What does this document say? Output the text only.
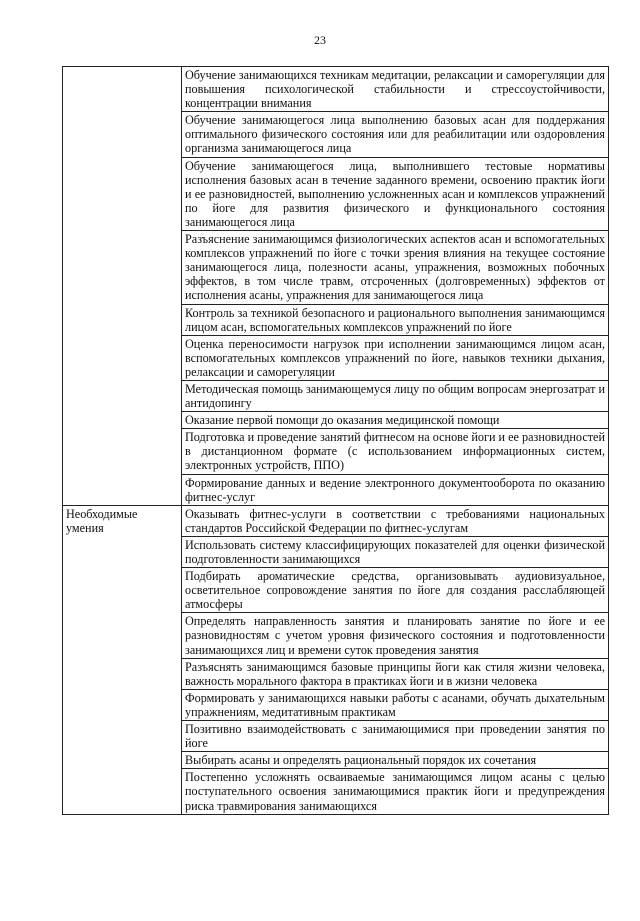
23
	Обучение занимающихся техникам медитации, релаксации и саморегуляции для повышения психологической стабильности и стрессоустойчивости, концентрации внимания
	Обучение занимающегося лица выполнению базовых асан для поддержания оптимального физического состояния или для реабилитации или оздоровления организма занимающегося лица
	Обучение занимающегося лица, выполнившего тестовые нормативы исполнения базовых асан в течение заданного времени, освоению практик йоги и ее разновидностей, выполнению усложненных асан и комплексов упражнений по йоге для развития физического и функционального состояния занимающегося лица
	Разъяснение занимающимся физиологических аспектов асан и вспомогательных комплексов упражнений по йоге с точки зрения влияния на текущее состояние занимающегося лица, полезности асаны, упражнения, возможных побочных эффектов, в том числе травм, отсроченных (долговременных) эффектов от исполнения асаны, упражнения для занимающегося лица
	Контроль за техникой безопасного и рационального выполнения занимающимся лицом асан, вспомогательных комплексов упражнений по йоге
	Оценка переносимости нагрузок при исполнении занимающимся лицом асан, вспомогательных комплексов упражнений по йоге, навыков техники дыхания, релаксации и саморегуляции
	Методическая помощь занимающемуся лицу по общим вопросам энергозатрат и антидопингу
	Оказание первой помощи до оказания медицинской помощи
	Подготовка и проведение занятий фитнесом на основе йоги и ее разновидностей в дистанционном формате (с использованием информационных систем, электронных устройств, ППО)
	Формирование данных и ведение электронного документооборота по оказанию фитнес-услуг
Необходимые умения	Оказывать фитнес-услуги в соответствии с требованиями национальных стандартов Российской Федерации по фитнес-услугам
	Использовать систему классифицирующих показателей для оценки физической подготовленности занимающихся
	Подбирать ароматические средства, организовывать аудиовизуальное, осветительное сопровождение занятия по йоге для создания расслабляющей атмосферы
	Определять направленность занятия и планировать занятие по йоге и ее разновидностям с учетом уровня физического состояния и подготовленности занимающихся лиц и времени суток проведения занятия
	Разъяснять занимающимся базовые принципы йоги как стиля жизни человека, важность морального фактора в практиках йоги и в жизни человека
	Формировать у занимающихся навыки работы с асанами, обучать дыхательным упражнениям, медитативным практикам
	Позитивно взаимодействовать с занимающимися при проведении занятия по йоге
	Выбирать асаны и определять рациональный порядок их сочетания
	Постепенно усложнять осваиваемые занимающимся лицом асаны с целью поступательного освоения занимающимися практик йоги и предупреждения риска травмирования занимающихся
